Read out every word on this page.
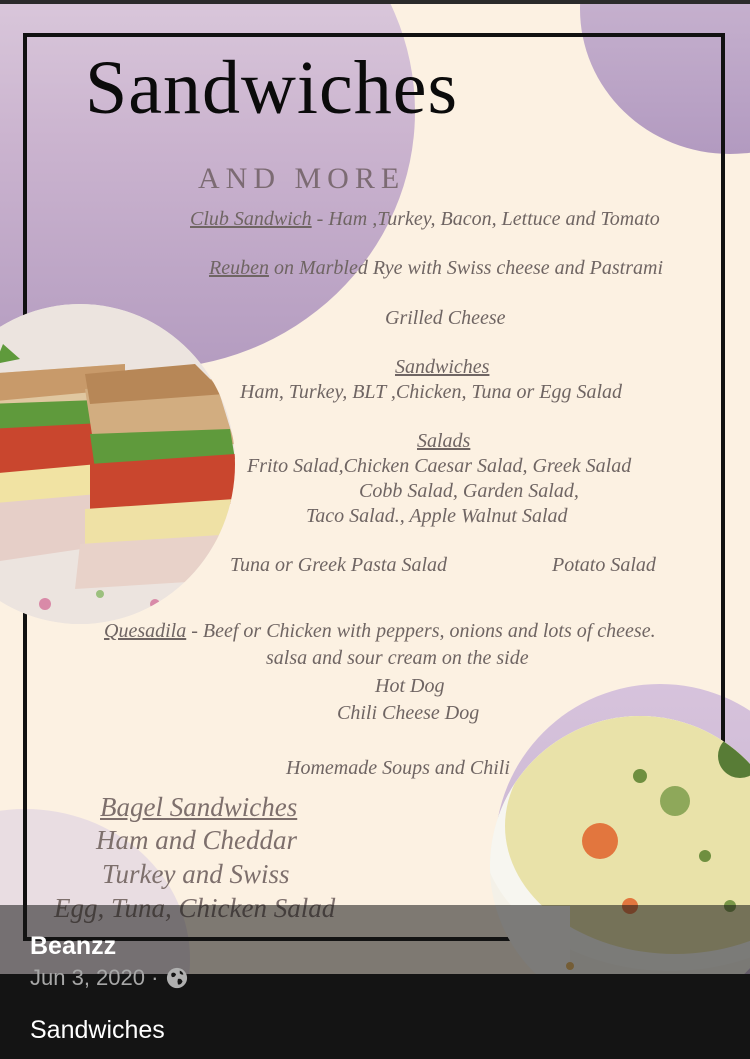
Sandwiches
AND MORE
Club Sandwich - Ham ,Turkey, Bacon, Lettuce and Tomato
Reuben on Marbled Rye with Swiss cheese and Pastrami
Grilled Cheese
Sandwiches
Ham, Turkey, BLT ,Chicken, Tuna or Egg Salad
Salads
Frito Salad,Chicken Caesar Salad, Greek Salad
Cobb Salad, Garden Salad,
Taco Salad., Apple Walnut Salad
Tuna or Greek Pasta Salad	Potato Salad
Quesadila - Beef or Chicken with peppers, onions and lots of cheese.
salsa and sour cream on the side
Hot Dog
Chili Cheese Dog
Homemade Soups and Chili
Bagel Sandwiches
Ham and Cheddar
Turkey and Swiss
Beanzz
Jun 3, 2020 ·
Sandwiches
